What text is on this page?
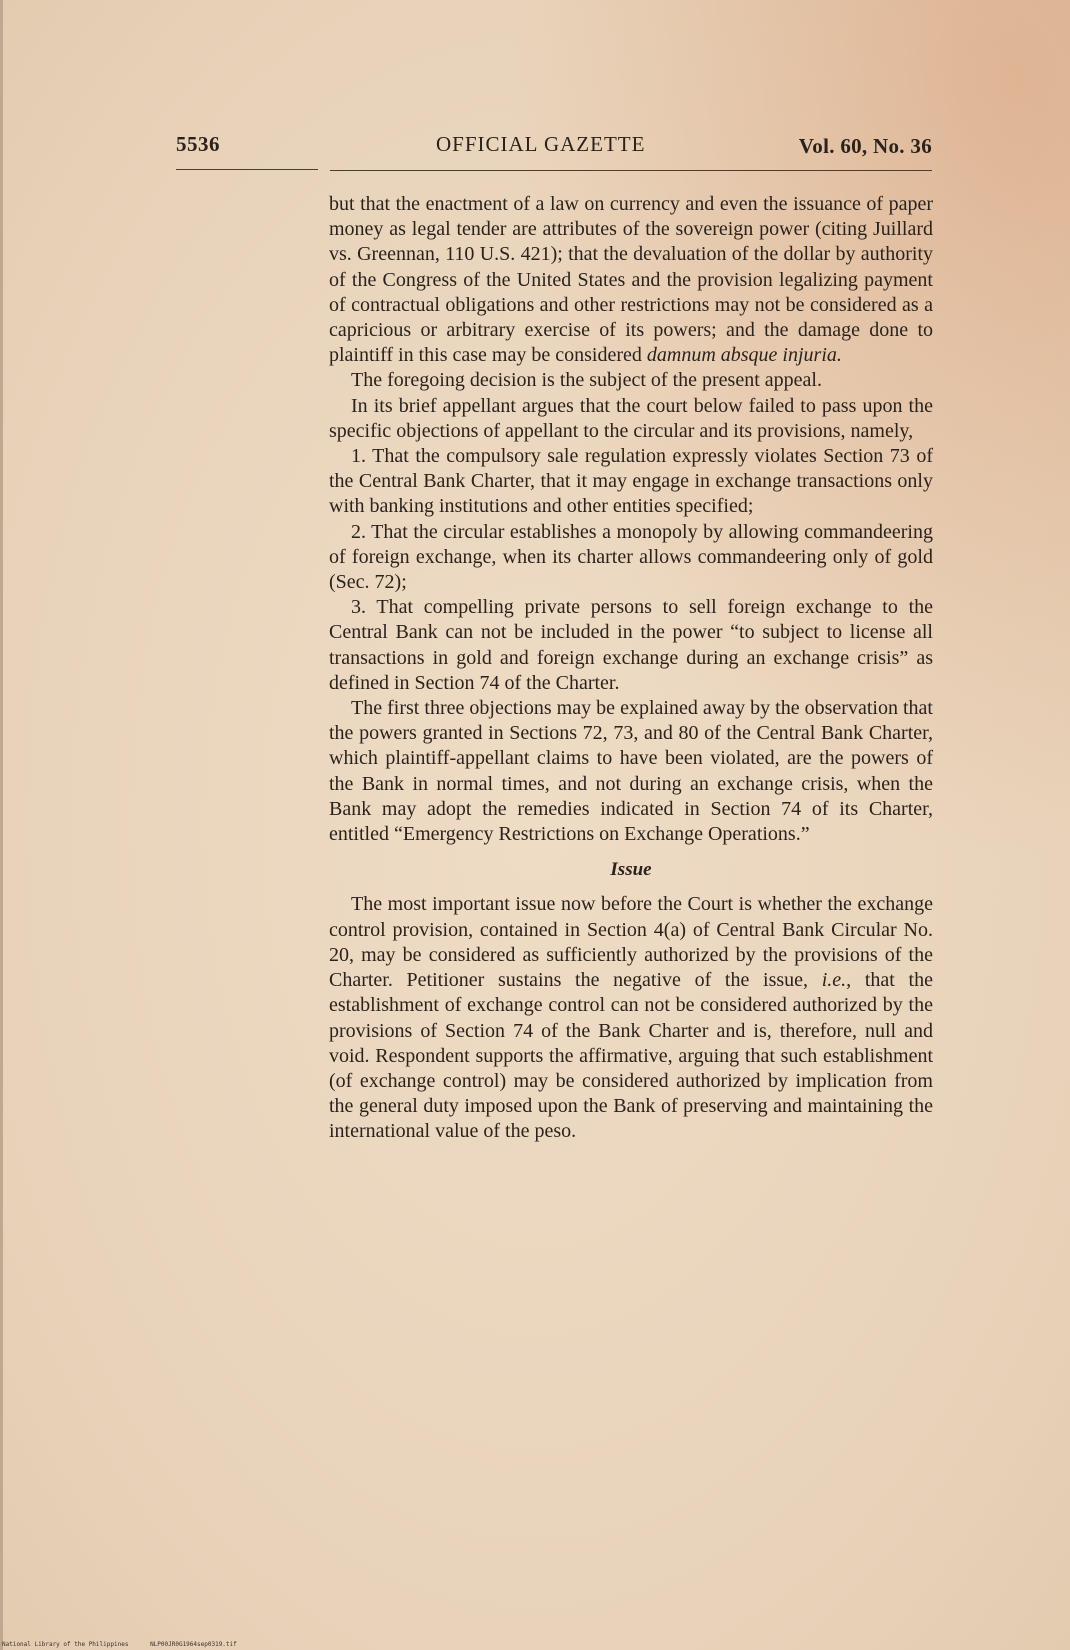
5536	OFFICIAL GAZETTE	Vol. 60, No. 36

but that the enactment of a law on currency and even the issuance of paper money as legal tender are attributes of the sovereign power (citing Juillard vs. Greennan, 110 U.S. 421); that the devaluation of the dollar by authority of the Congress of the United States and the provision legalizing payment of contractual obligations and other restrictions may not be considered as a capricious or arbitrary exercise of its powers; and the damage done to plaintiff in this case may be considered damnum absque injuria.

The foregoing decision is the subject of the present appeal.

In its brief appellant argues that the court below failed to pass upon the specific objections of appellant to the circular and its provisions, namely,

1. That the compulsory sale regulation expressly violates Section 73 of the Central Bank Charter, that it may engage in exchange transactions only with banking institutions and other entities specified;

2. That the circular establishes a monopoly by allowing commandeering of foreign exchange, when its charter allows commandeering only of gold (Sec. 72);

3. That compelling private persons to sell foreign exchange to the Central Bank can not be included in the power “to subject to license all transactions in gold and foreign exchange during an exchange crisis” as defined in Section 74 of the Charter.

The first three objections may be explained away by the observation that the powers granted in Sections 72, 73, and 80 of the Central Bank Charter, which plaintiff-appellant claims to have been violated, are the powers of the Bank in normal times, and not during an exchange crisis, when the Bank may adopt the remedies indicated in Section 74 of its Charter, entitled “Emergency Restrictions on Exchange Operations.”

Issue

The most important issue now before the Court is whether the exchange control provision, contained in Section 4(a) of Central Bank Circular No. 20, may be considered as sufficiently authorized by the provisions of the Charter. Petitioner sustains the negative of the issue, i.e., that the establishment of exchange control can not be considered authorized by the provisions of Section 74 of the Bank Charter and is, therefore, null and void. Respondent supports the affirmative, arguing that such establishment (of exchange control) may be considered authorized by implication from the general duty imposed upon the Bank of preserving and maintaining the international value of the peso.

National Library of the Philippines	NLP00JR0G1964sep0319.tif
